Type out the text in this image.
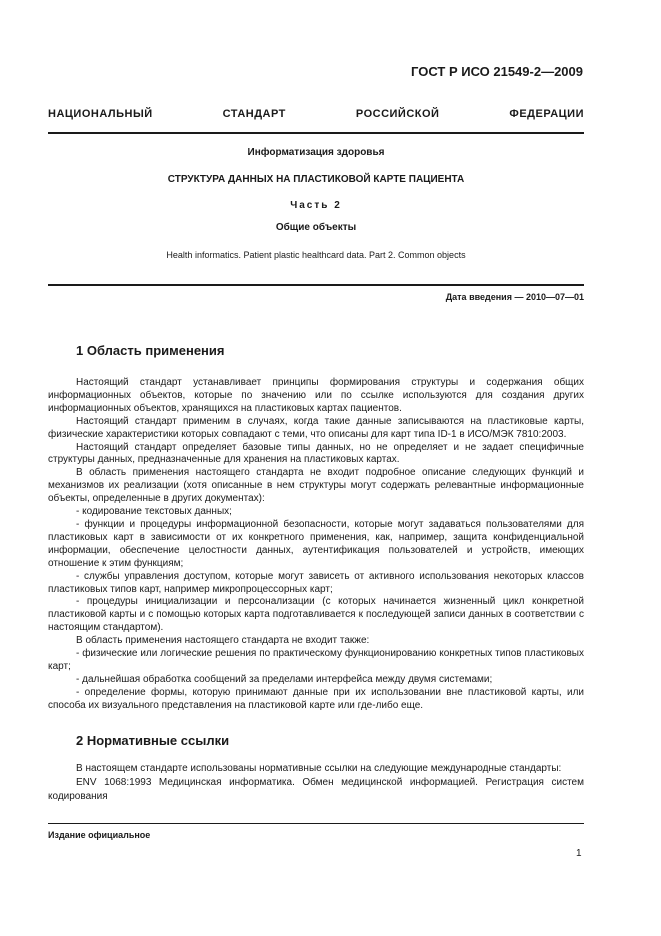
ГОСТ Р ИСО 21549-2—2009
НАЦИОНАЛЬНЫЙ СТАНДАРТ РОССИЙСКОЙ ФЕДЕРАЦИИ
Информатизация здоровья
СТРУКТУРА ДАННЫХ НА ПЛАСТИКОВОЙ КАРТЕ ПАЦИЕНТА
Часть 2
Общие объекты
Health informatics. Patient plastic healthcard data. Part 2. Common objects
Дата введения — 2010—07—01
1 Область применения

Настоящий стандарт устанавливает принципы формирования структуры и содержания общих информационных объектов, которые по значению или по ссылке используются для создания других информационных объектов, хранящихся на пластиковых картах пациентов.

Настоящий стандарт применим в случаях, когда такие данные записываются на пластиковые карты, физические характеристики которых совпадают с теми, что описаны для карт типа ID-1 в ИСО/МЭК 7810:2003.

Настоящий стандарт определяет базовые типы данных, но не определяет и не задает специфичные структуры данных, предназначенные для хранения на пластиковых картах.

В область применения настоящего стандарта не входит подробное описание следующих функций и механизмов их реализации (хотя описанные в нем структуры могут содержать релевантные информационные объекты, определенные в других документах):

- кодирование текстовых данных;

- функции и процедуры информационной безопасности, которые могут задаваться пользователями для пластиковых карт в зависимости от их конкретного применения, как, например, защита конфиденциальной информации, обеспечение целостности данных, аутентификация пользователей и устройств, имеющих отношение к этим функциям;

- службы управления доступом, которые могут зависеть от активного использования некоторых классов пластиковых типов карт, например микропроцессорных карт;

- процедуры инициализации и персонализации (с которых начинается жизненный цикл конкретной пластиковой карты и с помощью которых карта подготавливается к последующей записи данных в соответствии с настоящим стандартом).

В область применения настоящего стандарта не входит также:

- физические или логические решения по практическому функционированию конкретных типов пластиковых карт;

- дальнейшая обработка сообщений за пределами интерфейса между двумя системами;

- определение формы, которую принимают данные при их использовании вне пластиковой карты, или способа их визуального представления на пластиковой карте или где-либо еще.

2 Нормативные ссылки

В настоящем стандарте использованы нормативные ссылки на следующие международные стандарты:

ENV 1068:1993 Медицинская информатика. Обмен медицинской информацией. Регистрация систем кодирования

Издание официальное
1
